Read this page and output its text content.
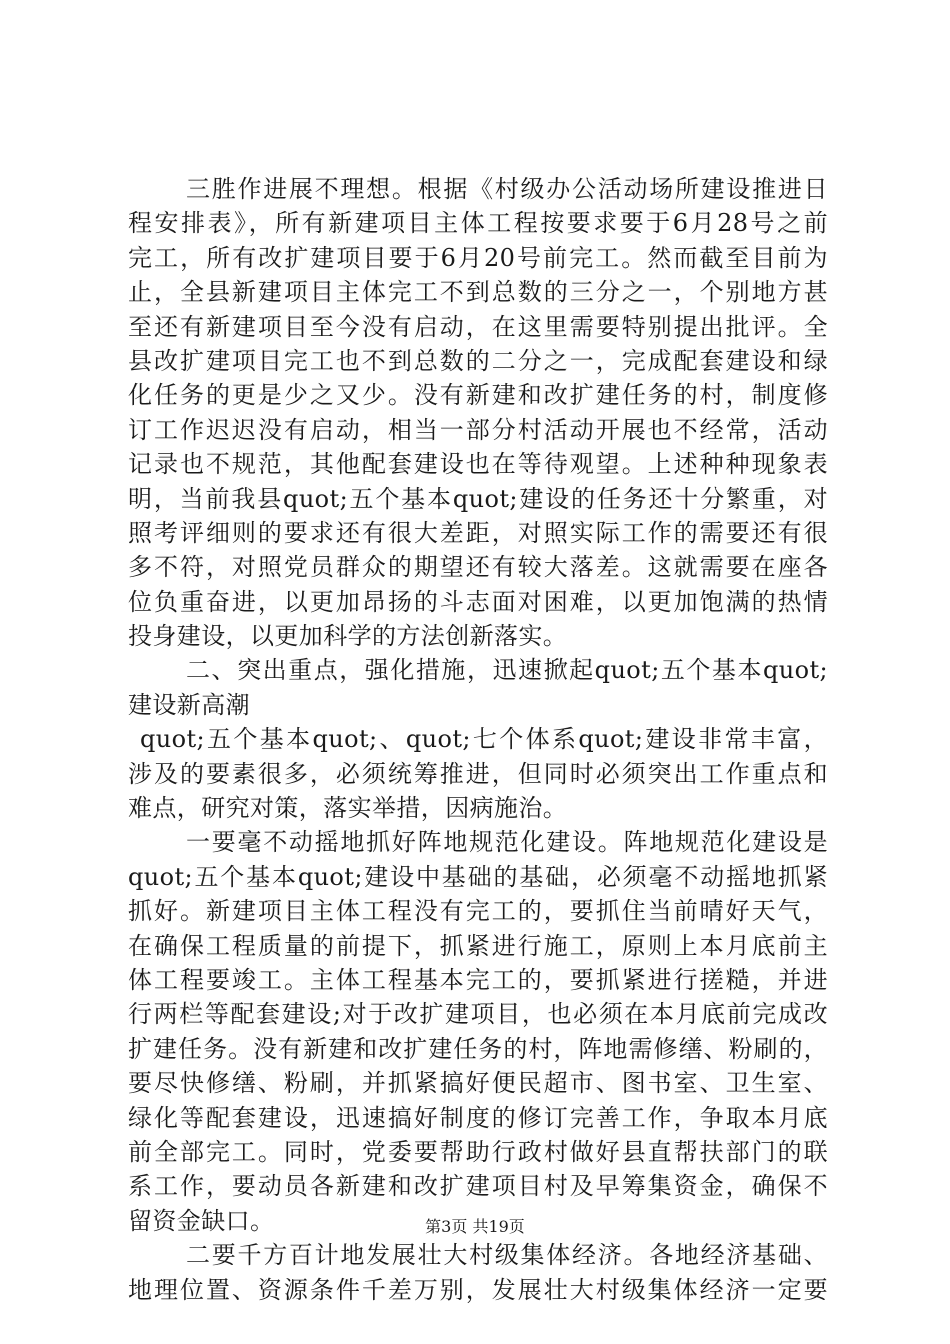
三胜作进展不理想。根据《村级办公活动场所建设推进日
程安排表》，所有新建项目主体工程按要求要于6月28号之前
完工，所有改扩建项目要于6月20号前完工。然而截至目前为
止，全县新建项目主体完工不到总数的三分之一，个别地方甚
至还有新建项目至今没有启动，在这里需要特别提出批评。全
县改扩建项目完工也不到总数的二分之一，完成配套建设和绿
化任务的更是少之又少。没有新建和改扩建任务的村，制度修
订工作迟迟没有启动，相当一部分村活动开展也不经常，活动
记录也不规范，其他配套建设也在等待观望。上述种种现象表
明，当前我县quot;五个基本quot;建设的任务还十分繁重，对
照考评细则的要求还有很大差距，对照实际工作的需要还有很
多不符，对照党员群众的期望还有较大落差。这就需要在座各
位负重奋进，以更加昂扬的斗志面对困难，以更加饱满的热情
投身建设，以更加科学的方法创新落实。
二、突出重点，强化措施，迅速掀起quot;五个基本quot;
建设新高潮
quot;五个基本quot;、quot;七个体系quot;建设非常丰富，
涉及的要素很多，必须统筹推进，但同时必须突出工作重点和
难点，研究对策，落实举措，因病施治。
一要毫不动摇地抓好阵地规范化建设。阵地规范化建设是
quot;五个基本quot;建设中基础的基础，必须毫不动摇地抓紧
抓好。新建项目主体工程没有完工的，要抓住当前晴好天气，
在确保工程质量的前提下，抓紧进行施工，原则上本月底前主
体工程要竣工。主体工程基本完工的，要抓紧进行搓糙，并进
行两栏等配套建设;对于改扩建项目，也必须在本月底前完成改
扩建任务。没有新建和改扩建任务的村，阵地需修缮、粉刷的，
要尽快修缮、粉刷，并抓紧搞好便民超市、图书室、卫生室、
绿化等配套建设，迅速搞好制度的修订完善工作，争取本月底
前全部完工。同时，党委要帮助行政村做好县直帮扶部门的联
系工作，要动员各新建和改扩建项目村及早筹集资金，确保不
留资金缺口。
二要千方百计地发展壮大村级集体经济。各地经济基础、
地理位置、资源条件千差万别，发展壮大村级集体经济一定要
第3页 共19页
